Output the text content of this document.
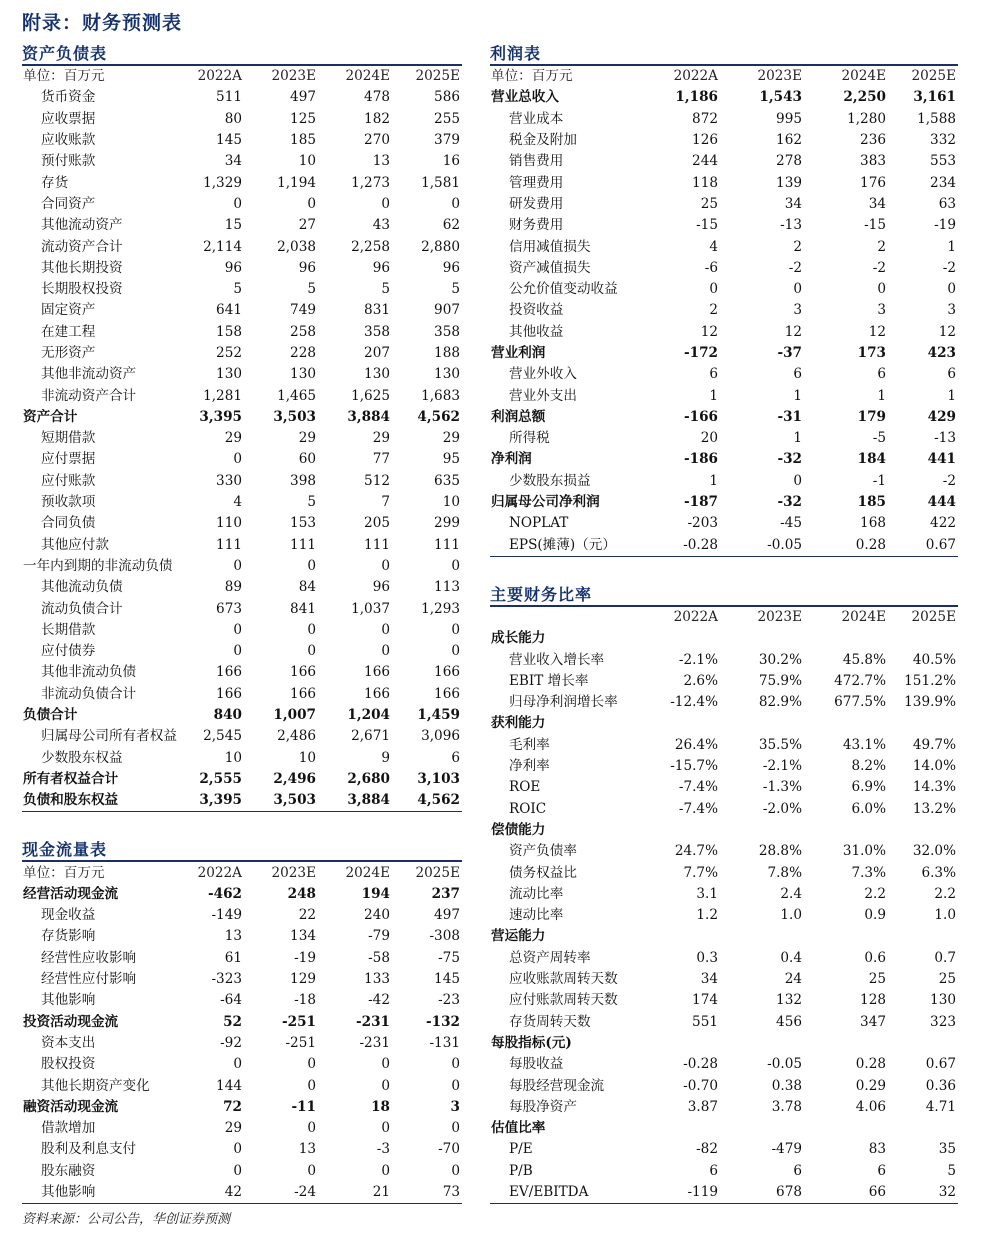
附录：财务预测表
资产负债表
单位：百万元	2022A	2023E	2024E	2025E
货币资金	511	497	478	586
应收票据	80	125	182	255
应收账款	145	185	270	379
预付账款	34	10	13	16
存货	1,329	1,194	1,273	1,581
合同资产	0	0	0	0
其他流动资产	15	27	43	62
流动资产合计	2,114	2,038	2,258	2,880
其他长期投资	96	96	96	96
长期股权投资	5	5	5	5
固定资产	641	749	831	907
在建工程	158	258	358	358
无形资产	252	228	207	188
其他非流动资产	130	130	130	130
非流动资产合计	1,281	1,465	1,625	1,683
资产合计	3,395	3,503	3,884	4,562
短期借款	29	29	29	29
应付票据	0	60	77	95
应付账款	330	398	512	635
预收款项	4	5	7	10
合同负债	110	153	205	299
其他应付款	111	111	111	111
一年内到期的非流动负债	0	0	0	0
其他流动负债	89	84	96	113
流动负债合计	673	841	1,037	1,293
长期借款	0	0	0	0
应付债券	0	0	0	0
其他非流动负债	166	166	166	166
非流动负债合计	166	166	166	166
负债合计	840	1,007	1,204	1,459
归属母公司所有者权益	2,545	2,486	2,671	3,096
少数股东权益	10	10	9	6
所有者权益合计	2,555	2,496	2,680	3,103
负债和股东权益	3,395	3,503	3,884	4,562
现金流量表
单位：百万元	2022A	2023E	2024E	2025E
经营活动现金流	-462	248	194	237
现金收益	-149	22	240	497
存货影响	13	134	-79	-308
经营性应收影响	61	-19	-58	-75
经营性应付影响	-323	129	133	145
其他影响	-64	-18	-42	-23
投资活动现金流	52	-251	-231	-132
资本支出	-92	-251	-231	-131
股权投资	0	0	0	0
其他长期资产变化	144	0	0	0
融资活动现金流	72	-11	18	3
借款增加	29	0	0	0
股利及利息支付	0	13	-3	-70
股东融资	0	0	0	0
其他影响	42	-24	21	73
利润表
单位：百万元	2022A	2023E	2024E	2025E
营业总收入	1,186	1,543	2,250	3,161
营业成本	872	995	1,280	1,588
税金及附加	126	162	236	332
销售费用	244	278	383	553
管理费用	118	139	176	234
研发费用	25	34	34	63
财务费用	-15	-13	-15	-19
信用减值损失	4	2	2	1
资产减值损失	-6	-2	-2	-2
公允价值变动收益	0	0	0	0
投资收益	2	3	3	3
其他收益	12	12	12	12
营业利润	-172	-37	173	423
营业外收入	6	6	6	6
营业外支出	1	1	1	1
利润总额	-166	-31	179	429
所得税	20	1	-5	-13
净利润	-186	-32	184	441
少数股东损益	1	0	-1	-2
归属母公司净利润	-187	-32	185	444
NOPLAT	-203	-45	168	422
EPS(摊薄)（元）	-0.28	-0.05	0.28	0.67
主要财务比率
	2022A	2023E	2024E	2025E
成长能力				
营业收入增长率	-2.1%	30.2%	45.8%	40.5%
EBIT 增长率	2.6%	75.9%	472.7%	151.2%
归母净利润增长率	-12.4%	82.9%	677.5%	139.9%
获利能力				
毛利率	26.4%	35.5%	43.1%	49.7%
净利率	-15.7%	-2.1%	8.2%	14.0%
ROE	-7.4%	-1.3%	6.9%	14.3%
ROIC	-7.4%	-2.0%	6.0%	13.2%
偿债能力				
资产负债率	24.7%	28.8%	31.0%	32.0%
债务权益比	7.7%	7.8%	7.3%	6.3%
流动比率	3.1	2.4	2.2	2.2
速动比率	1.2	1.0	0.9	1.0
营运能力				
总资产周转率	0.3	0.4	0.6	0.7
应收账款周转天数	34	24	25	25
应付账款周转天数	174	132	128	130
存货周转天数	551	456	347	323
每股指标(元)				
每股收益	-0.28	-0.05	0.28	0.67
每股经营现金流	-0.70	0.38	0.29	0.36
每股净资产	3.87	3.78	4.06	4.71
估值比率				
P/E	-82	-479	83	35
P/B	6	6	6	5
EV/EBITDA	-119	678	66	32
资料来源：公司公告，华创证券预测
